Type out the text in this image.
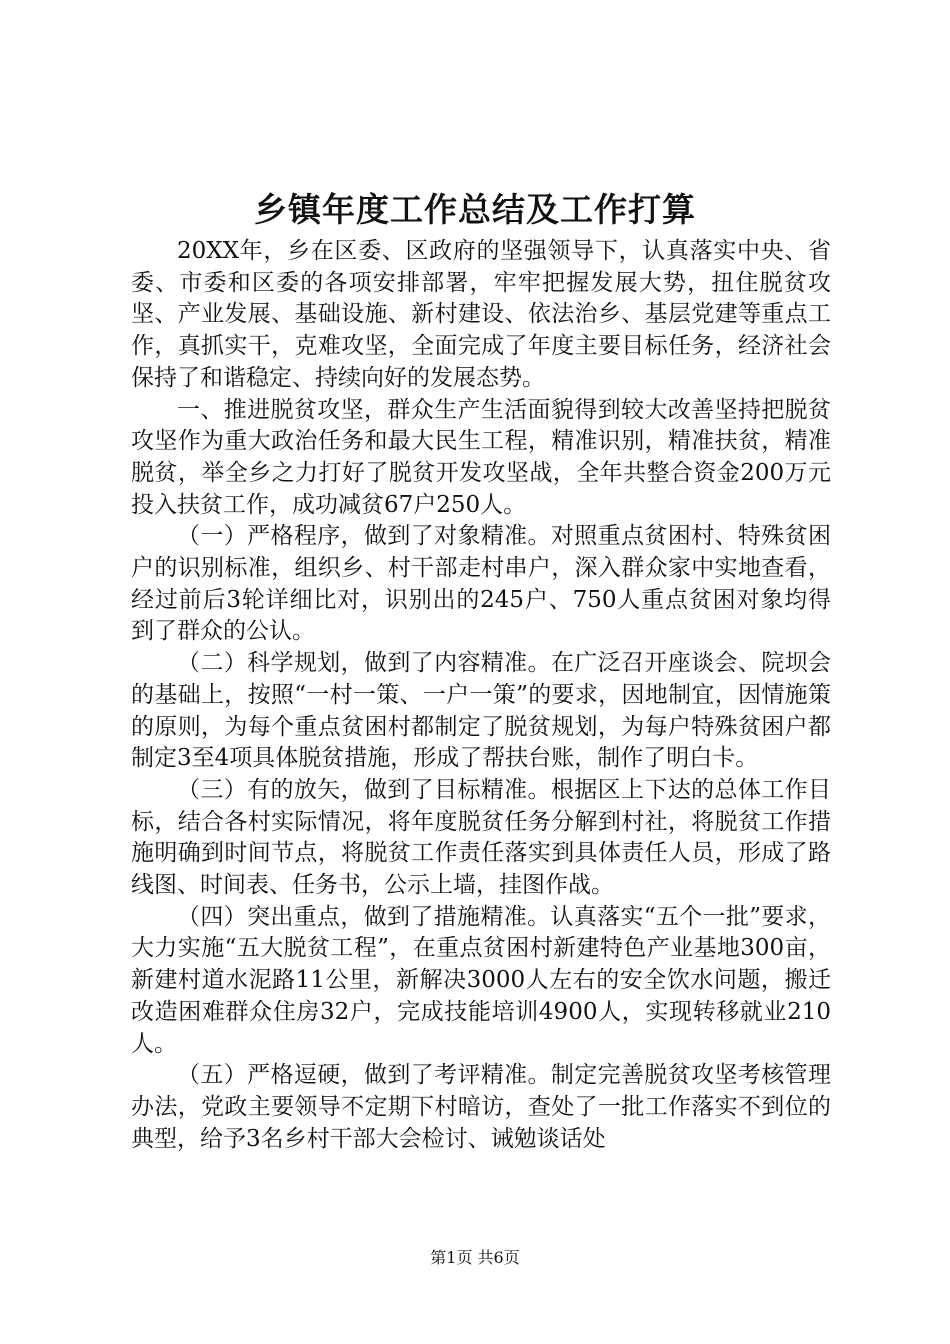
乡镇年度工作总结及工作打算

20XX年，乡在区委、区政府的坚强领导下，认真落实中央、省委、市委和区委的各项安排部署，牢牢把握发展大势，扭住脱贫攻坚、产业发展、基础设施、新村建设、依法治乡、基层党建等重点工作，真抓实干，克难攻坚，全面完成了年度主要目标任务，经济社会保持了和谐稳定、持续向好的发展态势。

一、推进脱贫攻坚，群众生产生活面貌得到较大改善坚持把脱贫攻坚作为重大政治任务和最大民生工程，精准识别，精准扶贫，精准脱贫，举全乡之力打好了脱贫开发攻坚战，全年共整合资金200万元投入扶贫工作，成功减贫67户250人。

（一）严格程序，做到了对象精准。对照重点贫困村、特殊贫困户的识别标准，组织乡、村干部走村串户，深入群众家中实地查看，经过前后3轮详细比对，识别出的245户、750人重点贫困对象均得到了群众的公认。

（二）科学规划，做到了内容精准。在广泛召开座谈会、院坝会的基础上，按照“一村一策、一户一策”的要求，因地制宜，因情施策的原则，为每个重点贫困村都制定了脱贫规划，为每户特殊贫困户都制定3至4项具体脱贫措施，形成了帮扶台账，制作了明白卡。

（三）有的放矢，做到了目标精准。根据区上下达的总体工作目标，结合各村实际情况，将年度脱贫任务分解到村社，将脱贫工作措施明确到时间节点，将脱贫工作责任落实到具体责任人员，形成了路线图、时间表、任务书，公示上墙，挂图作战。

（四）突出重点，做到了措施精准。认真落实“五个一批”要求，大力实施“五大脱贫工程”，在重点贫困村新建特色产业基地300亩，新建村道水泥路11公里，新解决3000人左右的安全饮水问题，搬迁改造困难群众住房32户，完成技能培训4900人，实现转移就业210人。

（五）严格逗硬，做到了考评精准。制定完善脱贫攻坚考核管理办法，党政主要领导不定期下村暗访，查处了一批工作落实不到位的典型，给予3名乡村干部大会检讨、诫勉谈话处

第1页 共6页
